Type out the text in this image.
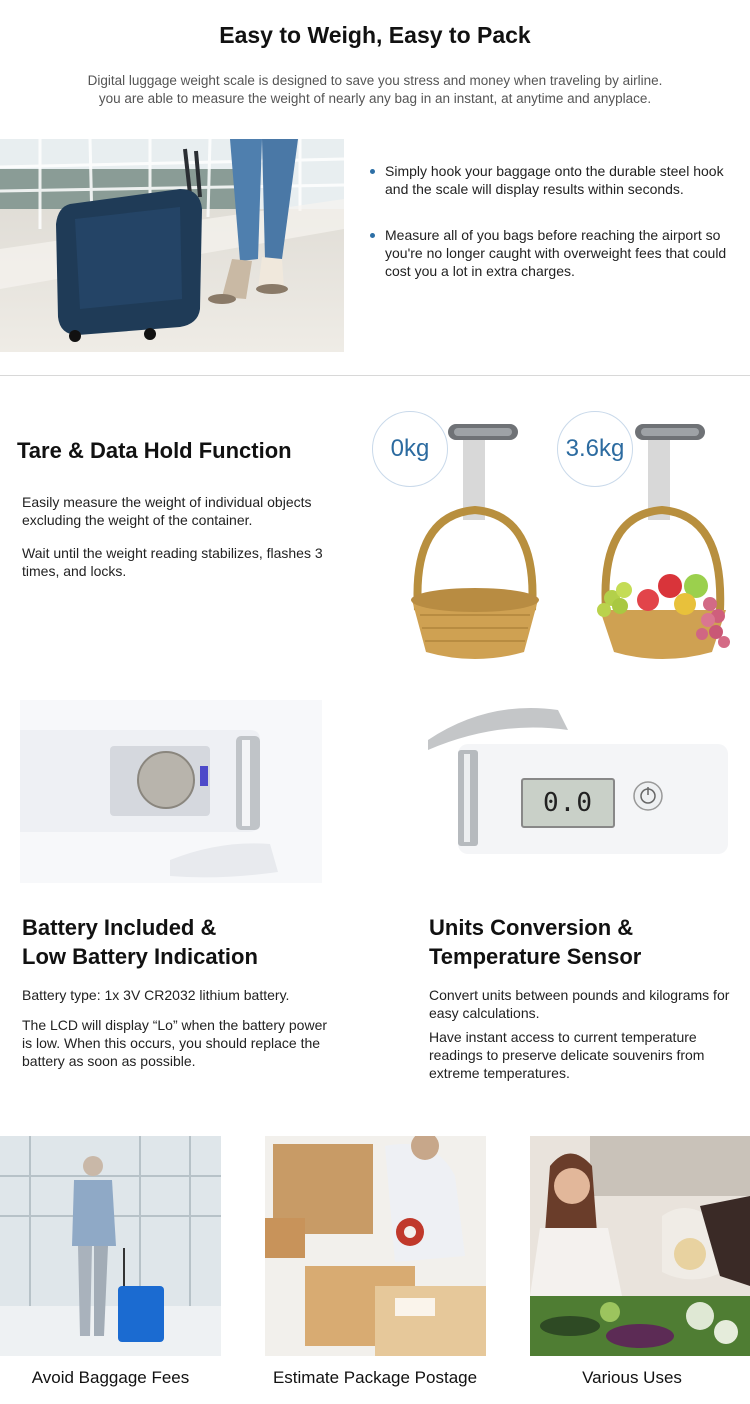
Easy to Weigh, Easy to Pack

Digital luggage weight scale is designed to save you stress and money when traveling by airline.

you are able to measure the weight of nearly any bag in an instant, at anytime and anyplace.

Simply hook your baggage onto the durable steel hook and the scale will display results within seconds.
Measure all of you bags before reaching the airport so you're no longer caught with overweight fees that could cost you a lot in extra charges.
Tare & Data Hold Function

Easily measure the weight of individual objects excluding the weight of the container.

Wait until the weight reading stabilizes, flashes 3 times, and locks.

0kg	3.6kg
0.0
Battery Included &
Low Battery Indication

Battery type: 1x 3V CR2032 lithium battery.

The LCD will display “Lo” when the battery power is low. When this occurs, you should replace the battery as soon as possible.

Units Conversion &
Temperature Sensor

Convert units between pounds and kilograms for easy calculations.

Have instant access to current temperature readings to preserve delicate souvenirs from extreme temperatures.

Avoid Baggage Fees	Estimate Package Postage	Various Uses
